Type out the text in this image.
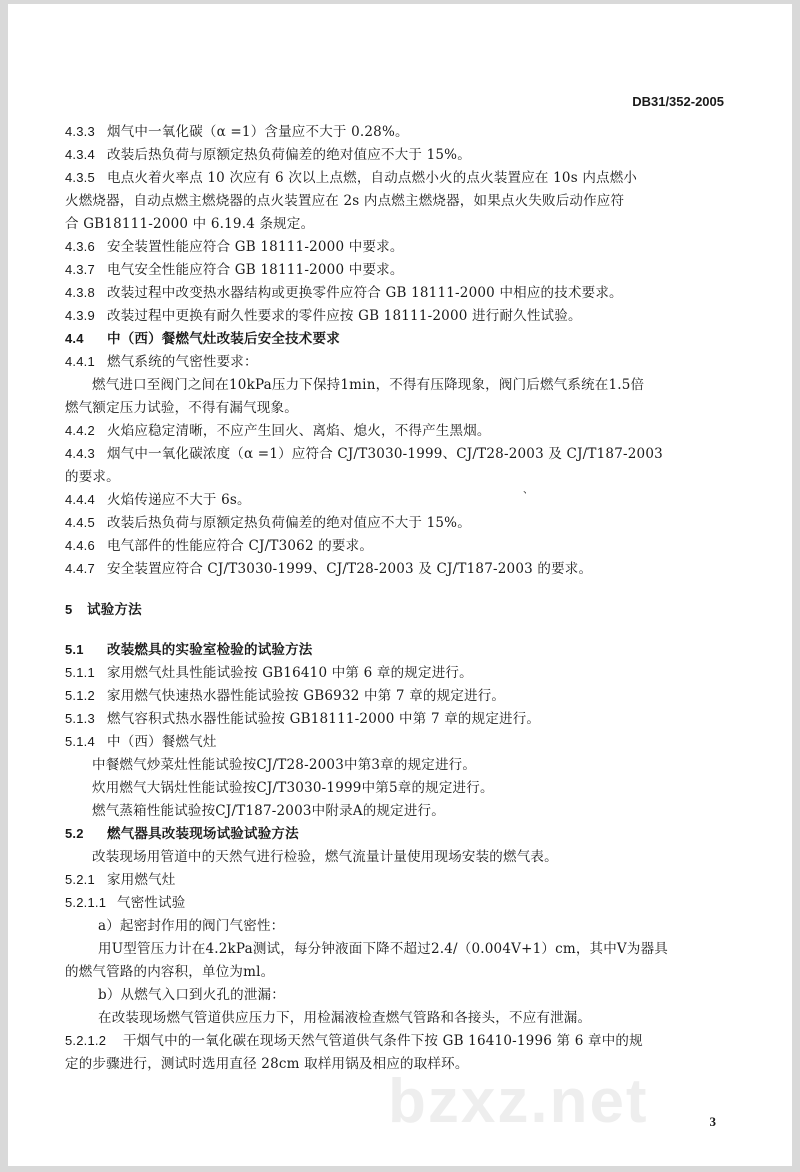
DB31/352-2005
4.3.3 烟气中一氧化碳（α =1）含量应不大于 0.28%。
4.3.4 改装后热负荷与原额定热负荷偏差的绝对值应不大于 15%。
4.3.5 电点火着火率点 10 次应有 6 次以上点燃，自动点燃小火的点火装置应在 10s 内点燃小
火燃烧器，自动点燃主燃烧器的点火装置应在 2s 内点燃主燃烧器，如果点火失败后动作应符
合 GB18111-2000 中 6.19.4 条规定。
4.3.6 安全装置性能应符合 GB 18111-2000 中要求。
4.3.7 电气安全性能应符合 GB 18111-2000 中要求。
4.3.8 改装过程中改变热水器结构或更换零件应符合 GB 18111-2000 中相应的技术要求。
4.3.9 改装过程中更换有耐久性要求的零件应按 GB 18111-2000 进行耐久性试验。
4.4 中（西）餐燃气灶改装后安全技术要求
4.4.1 燃气系统的气密性要求：
燃气进口至阀门之间在10kPa压力下保持1min，不得有压降现象，阀门后燃气系统在1.5倍
燃气额定压力试验，不得有漏气现象。
4.4.2 火焰应稳定清晰，不应产生回火、离焰、熄火，不得产生黑烟。
4.4.3 烟气中一氧化碳浓度（α =1）应符合 CJ/T3030-1999、CJ/T28-2003 及 CJ/T187-2003
的要求。
、
4.4.4 火焰传递应不大于 6s。
4.4.5 改装后热负荷与原额定热负荷偏差的绝对值应不大于 15%。
4.4.6 电气部件的性能应符合 CJ/T3062 的要求。
4.4.7 安全装置应符合 CJ/T3030-1999、CJ/T28-2003 及 CJ/T187-2003 的要求。
5 试验方法
5.1 改装燃具的实验室检验的试验方法
5.1.1 家用燃气灶具性能试验按 GB16410 中第 6 章的规定进行。
5.1.2 家用燃气快速热水器性能试验按 GB6932 中第 7 章的规定进行。
5.1.3 燃气容积式热水器性能试验按 GB18111-2000 中第 7 章的规定进行。
5.1.4 中（西）餐燃气灶
中餐燃气炒菜灶性能试验按CJ/T28-2003中第3章的规定进行。
炊用燃气大锅灶性能试验按CJ/T3030-1999中第5章的规定进行。
燃气蒸箱性能试验按CJ/T187-2003中附录A的规定进行。
5.2 燃气器具改装现场试验试验方法
改装现场用管道中的天然气进行检验，燃气流量计量使用现场安装的燃气表。
5.2.1 家用燃气灶
5.2.1.1 气密性试验
a）起密封作用的阀门气密性：
用U型管压力计在4.2kPa测试，每分钟液面下降不超过2.4/（0.004V+1）cm，其中V为器具
的燃气管路的内容积，单位为ml。
b）从燃气入口到火孔的泄漏：
在改装现场燃气管道供应压力下，用检漏液检查燃气管路和各接头，不应有泄漏。
5.2.1.2 干烟气中的一氧化碳在现场天然气管道供气条件下按 GB 16410-1996 第 6 章中的规
定的步骤进行，测试时选用直径 28cm 取样用锅及相应的取样环。
bzxz.net	3
